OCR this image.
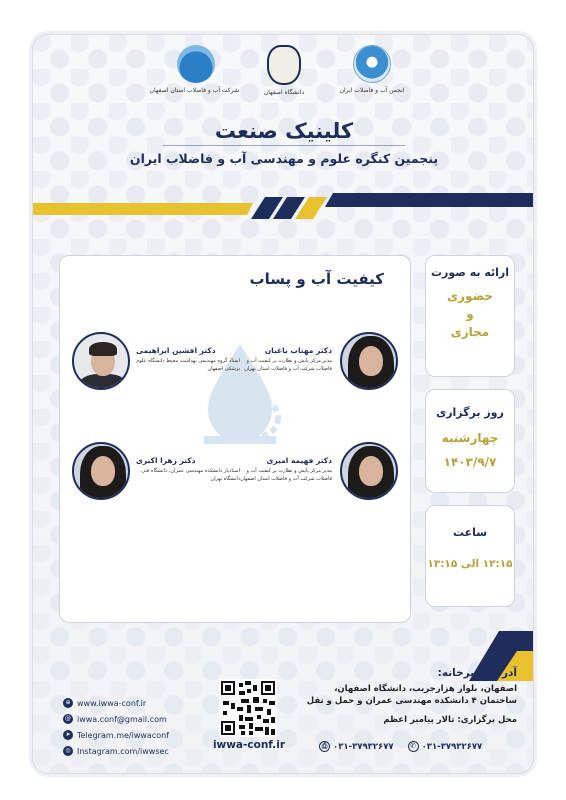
شرکت آب و فاضلاب استان اصفهان	دانشگاه اصفهان	انجمن آب و فاضلاب ایران
کلینیک صنعت
پنجمین کنگره علوم و مهندسی آب و فاضلاب ایران
کیفیت آب و پساب
دکتر مهتاب باغبان
مدیر مرکز پایش و نظارت بر کیفیت آب و فاضلاب شرکت آب و فاضلاب استان تهران
دکتر افشین ابراهیمی
استاد گروه مهندسی بهداشت محیط دانشگاه علوم پزشکی اصفهان
دکتر فهیمه امیری
مدیر مرکز پایش و نظارت بر کیفیت آب و فاضلاب شرکت آب و فاضلاب استان اصفهان
دکتر زهرا اکبری
استادیار دانشکده مهندسی عمران، دانشگاه فنی دانشگاه تهران
ارائه به صورت
حضوری
و
مجازی
روز برگزاری
چهارشنبه
۱۴۰۳/۹/۷
ساعت
۱۲:۱۵ الی ۱۳:۱۵
⊕ www.iwwa-conf.ir
@ iwwa.conf@gmail.com
➤ Telegram.me/iwwaconf
◎ Instagram.com/iwwsec	iwwa-conf.ir
آدرس دبیرخانه:
اصفهان، بلوار هزارجریب، دانشگاه اصفهان،
ساختمان ۴ دانشکده مهندسی عمران و حمل و نقل
محل برگزاری: تالار پیامبر اعظم
⎙ ۰۳۱-۳۷۹۳۲۶۷۷	✆ ۰۳۱-۳۷۹۳۲۶۷۷
